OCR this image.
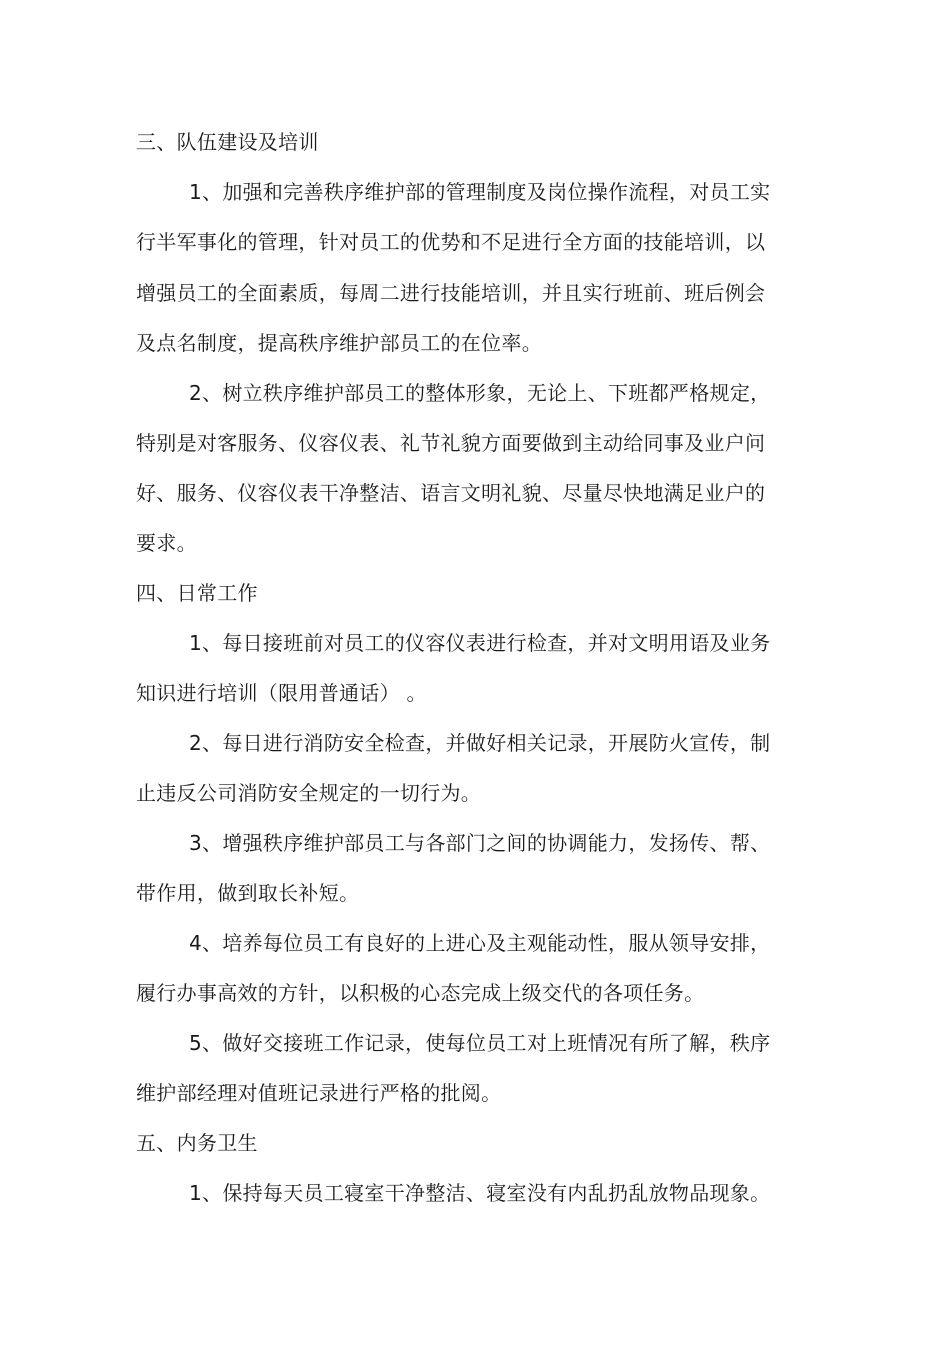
三、队伍建设及培训
1、加强和完善秩序维护部的管理制度及岗位操作流程，对员工实
行半军事化的管理，针对员工的优势和不足进行全方面的技能培训，以
增强员工的全面素质，每周二进行技能培训，并且实行班前、班后例会
及点名制度，提高秩序维护部员工的在位率。
2、树立秩序维护部员工的整体形象，无论上、下班都严格规定，
特别是对客服务、仪容仪表、礼节礼貌方面要做到主动给同事及业户问
好、服务、仪容仪表干净整洁、语言文明礼貌、尽量尽快地满足业户的
要求。
四、日常工作
1、每日接班前对员工的仪容仪表进行检查，并对文明用语及业务
知识进行培训（限用普通话） 。
2、每日进行消防安全检查，并做好相关记录，开展防火宣传，制
止违反公司消防安全规定的一切行为。
3、增强秩序维护部员工与各部门之间的协调能力，发扬传、帮、
带作用，做到取长补短。
4、培养每位员工有良好的上进心及主观能动性，服从领导安排，
履行办事高效的方针，以积极的心态完成上级交代的各项任务。
5、做好交接班工作记录，使每位员工对上班情况有所了解，秩序
维护部经理对值班记录进行严格的批阅。
五、内务卫生
1、保持每天员工寝室干净整洁、寝室没有内乱扔乱放物品现象。
